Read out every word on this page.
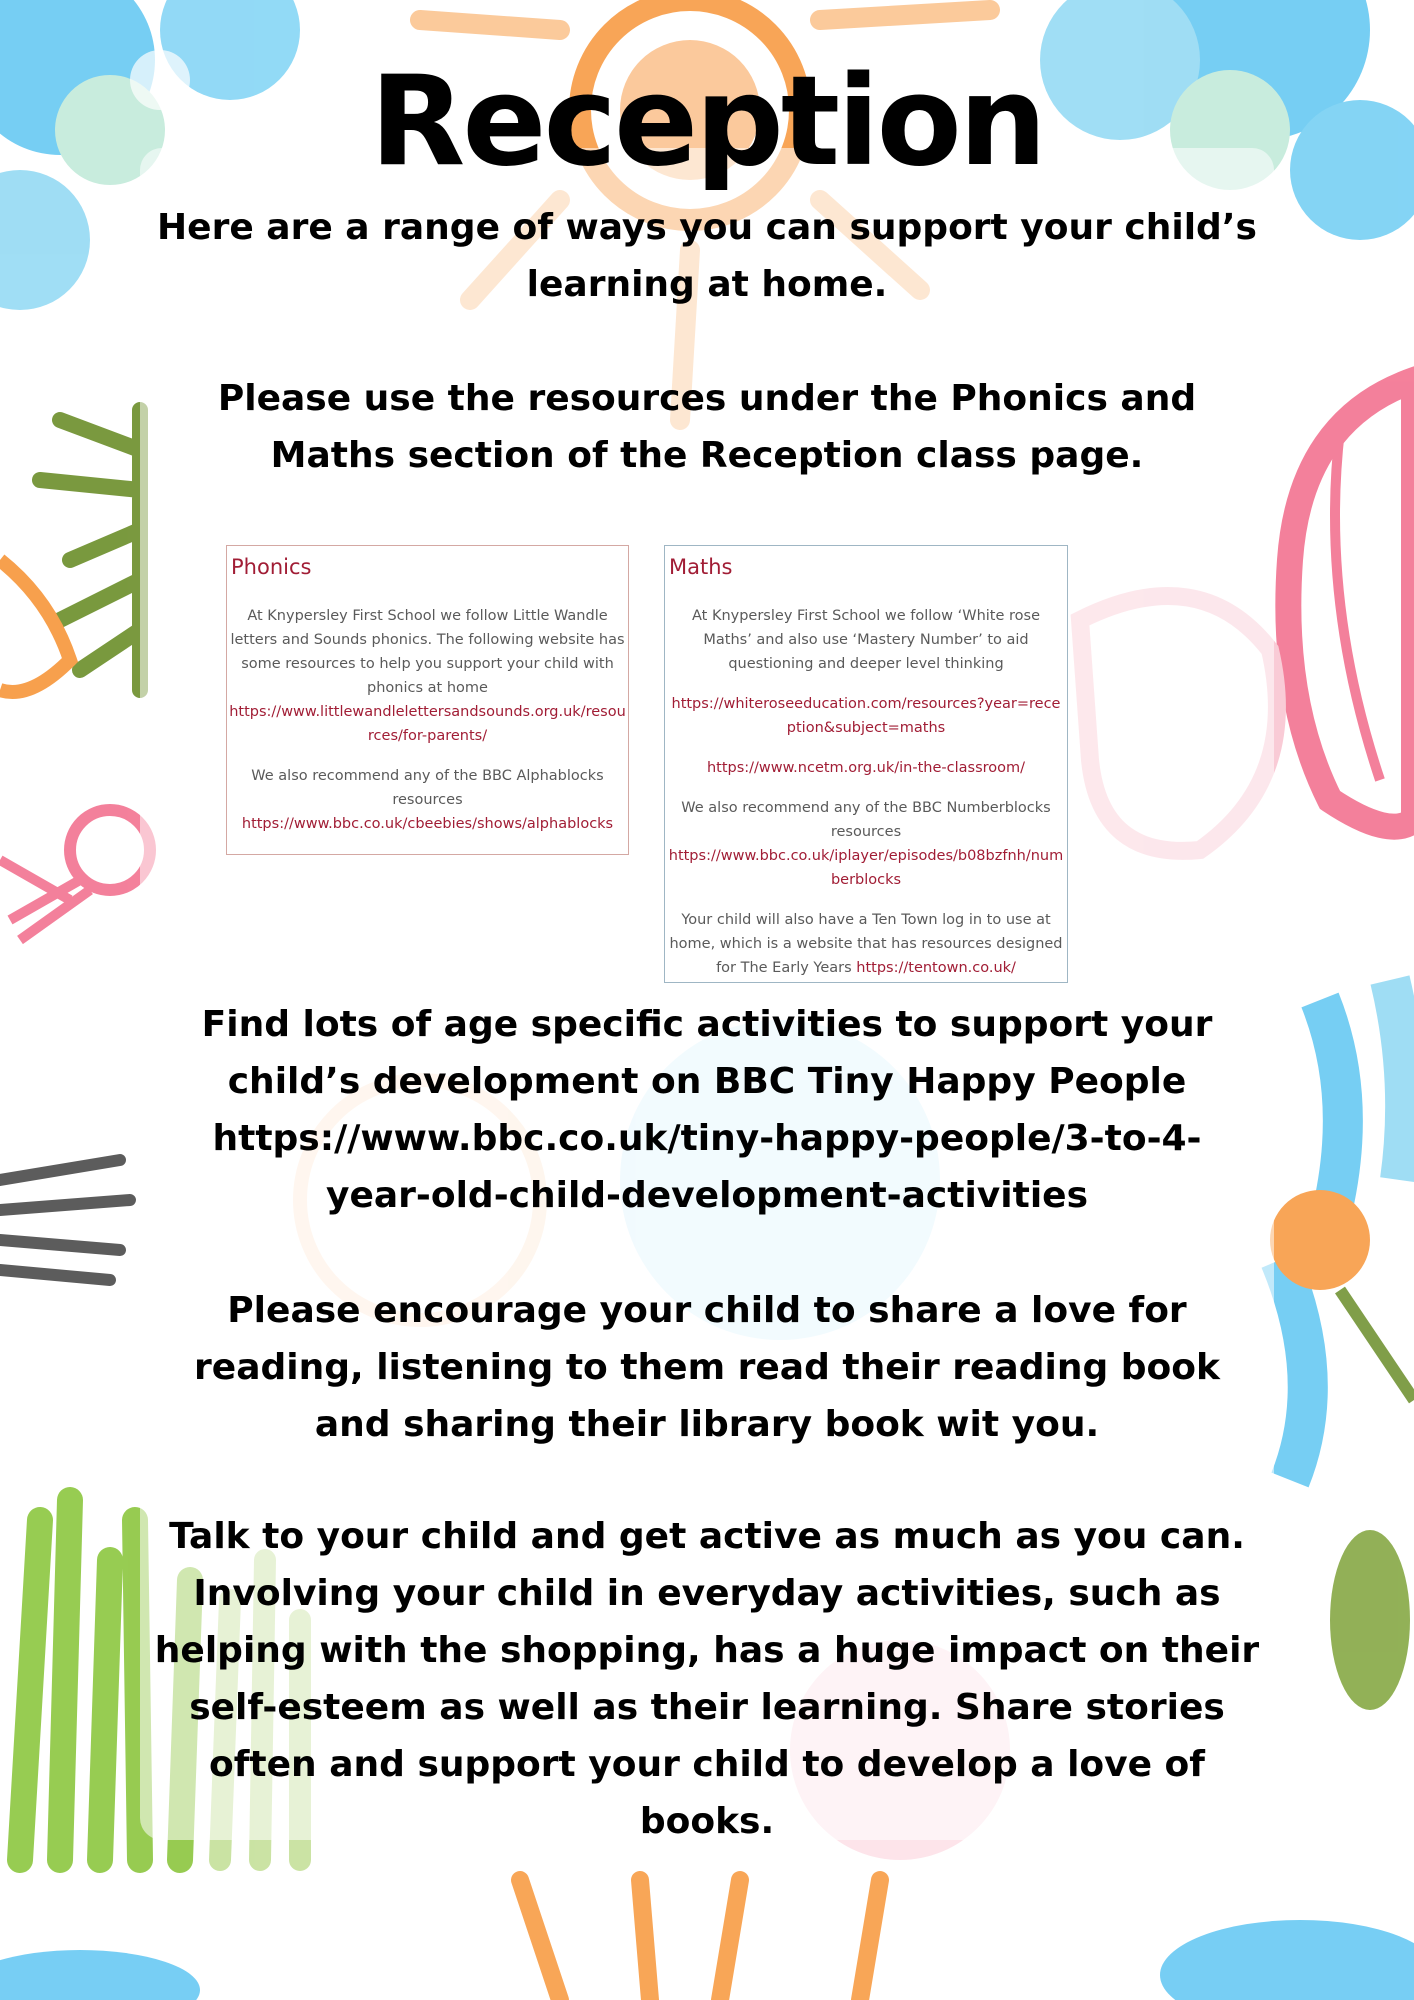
Reception

Here are a range of ways you can support your child’s learning at home.

Please use the resources under the Phonics and Maths section of the Reception class page.

Phonics

At Knypersley First School we follow Little Wandle letters and Sounds phonics. The following website has some resources to help you support your child with phonics at home

https://www.littlewandlelettersandsounds.org.uk/resources/for-parents/

We also recommend any of the BBC Alphablocks resources
https://www.bbc.co.uk/cbeebies/shows/alphablocks

Maths

At Knypersley First School we follow ‘White rose Maths’ and also use ‘Mastery Number’ to aid questioning and deeper level thinking

https://whiteroseeducation.com/resources?year=reception&subject=maths

https://www.ncetm.org.uk/in-the-classroom/

We also recommend any of the BBC Numberblocks resources
https://www.bbc.co.uk/iplayer/episodes/b08bzfnh/numberblocks

Your child will also have a Ten Town log in to use at home, which is a website that has resources designed for The Early Years https://tentown.co.uk/

Find lots of age specific activities to support your child’s development on BBC Tiny Happy People https://www.bbc.co.uk/tiny-happy-people/3-to-4-year-old-child-development-activities

Please encourage your child to share a love for reading, listening to them read their reading book and sharing their library book wit you.

Talk to your child and get active as much as you can. Involving your child in everyday activities, such as helping with the shopping, has a huge impact on their self-esteem as well as their learning. Share stories often and support your child to develop a love of books.
